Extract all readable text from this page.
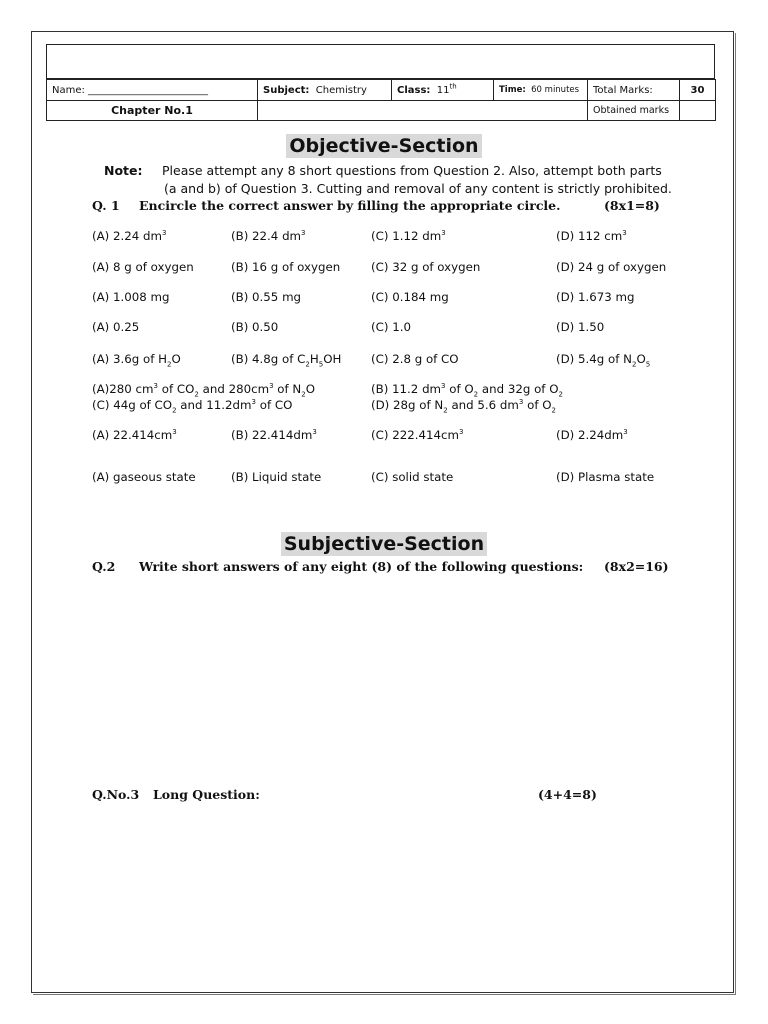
Name: ________________________	Subject: Chemistry	Class: 11th	Time: 60 minutes	Total Marks:	30
Chapter No.1				Obtained marks	
Objective-Section
Note: Please attempt any 8 short questions from Question 2. Also, attempt both parts
(a and b) of Question 3. Cutting and removal of any content is strictly prohibited.
Q. 1 Encircle the correct answer by filling the appropriate circle.	(8x1=8)
(A) 2.24 $dm^3$	(B) 22.4 $dm^3$	(C) 1.12 $dm^3$	(D) 112 $cm^3$
(A) 8 g of oxygen	(B) 16 g of oxygen	(C) 32 g of oxygen	(D) 24 g of oxygen
(A) 1.008 mg	(B) 0.55 mg	(C) 0.184 mg	(D) 1.673 mg
(A) 0.25	(B) 0.50	(C) 1.0	(D) 1.50
(A) 3.6g of $H_2O$	(B) 4.8g of $C_2H_5OH$	(C) 2.8 g of CO	(D) 5.4g of $N_2O_5$
(A)280 $cm^3$ of $CO_2$ and $280cm^3$ of $N_2O$	(B) 11.2 $dm^3$ of $O_2$ and 32g of $O_2$
(C) 44g of $CO_2$ and $11.2dm^3$ of CO	(D) 28g of $N_2$ and 5.6 $dm^3$ of $O_2$
(A) $22.414cm^3$	(B) $22.414dm^3$	(C) $222.414cm^3$	(D) $2.24dm^3$
(A) gaseous state	(B) Liquid state	(C) solid state	(D) Plasma state
Subjective-Section
Q.2 Write short answers of any eight (8) of the following questions: (8x2=16)
Q.No.3 Long Question:	(4+4=8)
